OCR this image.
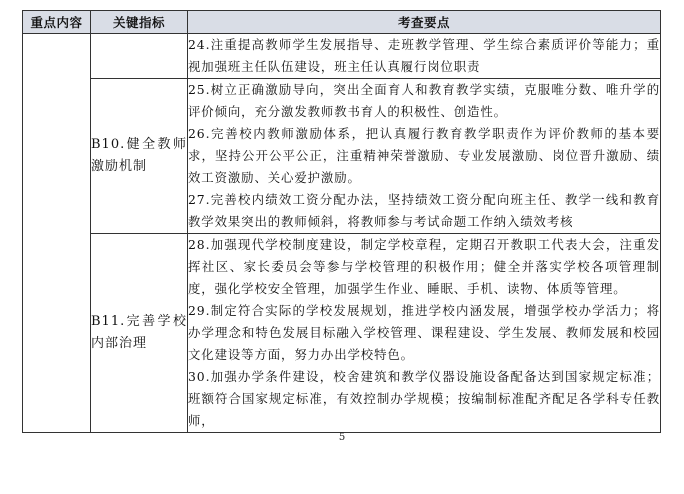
重点内容	关键指标	考查要点

		24.注重提高教师学生发展指导、走班教学管理、学生综合素质评价等能力；重视加强班主任队伍建设，班主任认真履行岗位职责

	B10.健全教师激励机制	25.树立正确激励导向，突出全面育人和教育教学实绩，克服唯分数、唯升学的评价倾向，充分激发教师教书育人的积极性、创造性。

26.完善校内教师激励体系，把认真履行教育教学职责作为评价教师的基本要求，坚持公开公平公正，注重精神荣誉激励、专业发展激励、岗位晋升激励、绩效工资激励、关心爱护激励。

27.完善校内绩效工资分配办法，坚持绩效工资分配向班主任、教学一线和教育教学效果突出的教师倾斜，将教师参与考试命题工作纳入绩效考核

	B11.完善学校内部治理	28.加强现代学校制度建设，制定学校章程，定期召开教职工代表大会，注重发挥社区、家长委员会等参与学校管理的积极作用；健全并落实学校各项管理制度，强化学校安全管理，加强学生作业、睡眠、手机、读物、体质等管理。

29.制定符合实际的学校发展规划，推进学校内涵发展，增强学校办学活力；将办学理念和特色发展目标融入学校管理、课程建设、学生发展、教师发展和校园文化建设等方面，努力办出学校特色。

30.加强办学条件建设，校舍建筑和教学仪器设施设备配备达到国家规定标准；班额符合国家规定标准，有效控制办学规模；按编制标准配齐配足各学科专任教师，

5
